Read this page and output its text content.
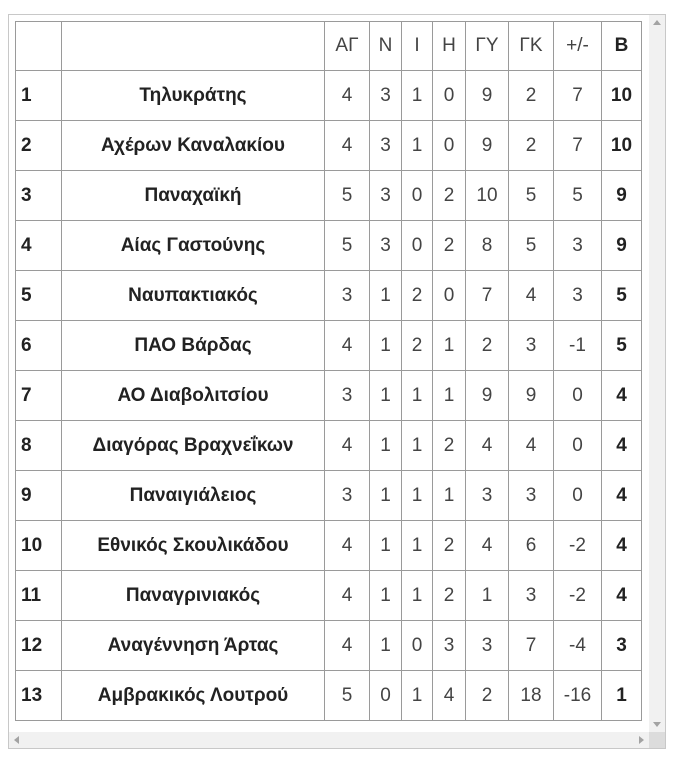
		ΑΓ	Ν	Ι	Η	ΓΥ	ΓΚ	+/-	Β
1	Τηλυκράτης	4	3	1	0	9	2	7	10
2	Αχέρων Καναλακίου	4	3	1	0	9	2	7	10
3	Παναχαϊκή	5	3	0	2	10	5	5	9
4	Αίας Γαστούνης	5	3	0	2	8	5	3	9
5	Ναυπακτιακός	3	1	2	0	7	4	3	5
6	ΠΑΟ Βάρδας	4	1	2	1	2	3	-1	5
7	ΑΟ Διαβολιτσίου	3	1	1	1	9	9	0	4
8	Διαγόρας Βραχνεΐκων	4	1	1	2	4	4	0	4
9	Παναιγιάλειος	3	1	1	1	3	3	0	4
10	Εθνικός Σκουλικάδου	4	1	1	2	4	6	-2	4
11	Παναγρινιακός	4	1	1	2	1	3	-2	4
12	Αναγέννηση Άρτας	4	1	0	3	3	7	-4	3
13	Αμβρακικός Λουτρού	5	0	1	4	2	18	-16	1
